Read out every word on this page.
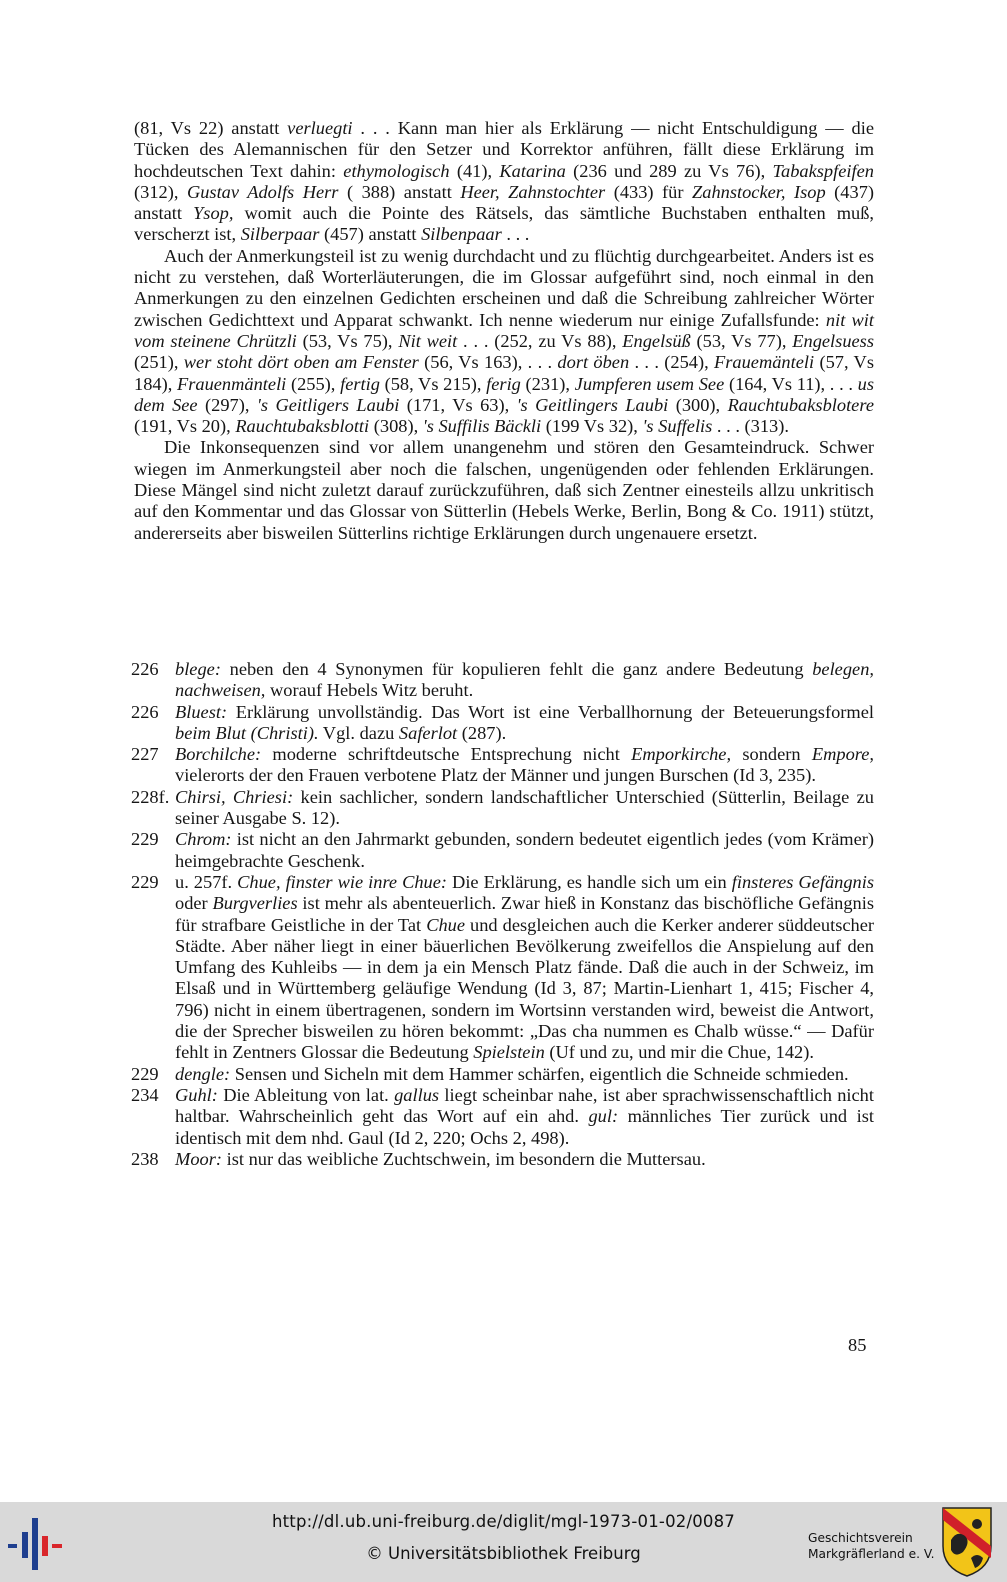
(81, Vs 22) anstatt verluegti . . . Kann man hier als Erklärung — nicht Entschuldigung — die Tücken des Alemannischen für den Setzer und Korrektor anführen, fällt diese Erklärung im hochdeutschen Text dahin: ethymologisch (41), Katarina (236 und 289 zu Vs 76), Tabakspfeifen (312), Gustav Adolfs Herr ( 388) anstatt Heer, Zahnstochter (433) für Zahnstocker, Isop (437) anstatt Ysop, womit auch die Pointe des Rätsels, das sämtliche Buchstaben enthalten muß, verscherzt ist, Silberpaar (457) anstatt Silbenpaar . . .

Auch der Anmerkungsteil ist zu wenig durchdacht und zu flüchtig durchgearbeitet. Anders ist es nicht zu verstehen, daß Worterläuterungen, die im Glossar aufgeführt sind, noch einmal in den Anmerkungen zu den einzelnen Gedichten erscheinen und daß die Schreibung zahlreicher Wörter zwischen Gedichttext und Apparat schwankt. Ich nenne wiederum nur einige Zufallsfunde: nit wit vom steinene Chrützli (53, Vs 75), Nit weit . . . (252, zu Vs 88), Engelsüß (53, Vs 77), Engelsuess (251), wer stoht dört oben am Fenster (56, Vs 163), . . . dort öben . . . (254), Frauemänteli (57, Vs 184), Frauenmänteli (255), fertig (58, Vs 215), ferig (231), Jumpferen usem See (164, Vs 11), . . . us dem See (297), 's Geitligers Laubi (171, Vs 63), 's Geitlingers Laubi (300), Rauchtubaksblotere (191, Vs 20), Rauchtubaksblotti (308), 's Suffilis Bäckli (199 Vs 32), 's Suffelis . . . (313).

Die Inkonsequenzen sind vor allem unangenehm und stören den Gesamteindruck. Schwer wiegen im Anmerkungsteil aber noch die falschen, ungenügenden oder fehlenden Erklärungen. Diese Mängel sind nicht zuletzt darauf zurückzuführen, daß sich Zentner einesteils allzu unkritisch auf den Kommentar und das Glossar von Sütterlin (Hebels Werke, Berlin, Bong & Co. 1911) stützt, andererseits aber bisweilen Sütterlins richtige Erklärungen durch ungenauere ersetzt.

226 blege: neben den 4 Synonymen für kopulieren fehlt die ganz andere Bedeutung belegen, nachweisen, worauf Hebels Witz beruht.

226 Bluest: Erklärung unvollständig. Das Wort ist eine Verballhornung der Beteuerungsformel beim Blut (Christi). Vgl. dazu Saferlot (287).

227 Borchilche: moderne schriftdeutsche Entsprechung nicht Emporkirche, sondern Empore, vielerorts der den Frauen verbotene Platz der Männer und jungen Burschen (Id 3, 235).

228f. Chirsi, Chriesi: kein sachlicher, sondern landschaftlicher Unterschied (Sütterlin, Beilage zu seiner Ausgabe S. 12).

229 Chrom: ist nicht an den Jahrmarkt gebunden, sondern bedeutet eigentlich jedes (vom Krämer) heimgebrachte Geschenk.

229 u. 257f. Chue, finster wie inre Chue: Die Erklärung, es handle sich um ein finsteres Gefängnis oder Burgverlies ist mehr als abenteuerlich. Zwar hieß in Konstanz das bischöfliche Gefängnis für strafbare Geistliche in der Tat Chue und desgleichen auch die Kerker anderer süddeutscher Städte. Aber näher liegt in einer bäuerlichen Bevölkerung zweifellos die Anspielung auf den Umfang des Kuhleibs — in dem ja ein Mensch Platz fände. Daß die auch in der Schweiz, im Elsaß und in Württemberg geläufige Wendung (Id 3, 87; Martin-Lienhart 1, 415; Fischer 4, 796) nicht in einem übertragenen, sondern im Wortsinn verstanden wird, beweist die Antwort, die der Sprecher bisweilen zu hören bekommt: „Das cha nummen es Chalb wüsse.“ — Dafür fehlt in Zentners Glossar die Bedeutung Spielstein (Uf und zu, und mir die Chue, 142).

229 dengle: Sensen und Sicheln mit dem Hammer schärfen, eigentlich die Schneide schmieden.

234 Guhl: Die Ableitung von lat. gallus liegt scheinbar nahe, ist aber sprachwissenschaftlich nicht haltbar. Wahrscheinlich geht das Wort auf ein ahd. gul: männliches Tier zurück und ist identisch mit dem nhd. Gaul (Id 2, 220; Ochs 2, 498).

238 Moor: ist nur das weibliche Zuchtschwein, im besondern die Muttersau.

85
http://dl.ub.uni-freiburg.de/diglit/mgl-1973-01-02/0087
© Universitätsbibliothek Freiburg
Geschichtsverein
Markgräflerland e. V.
